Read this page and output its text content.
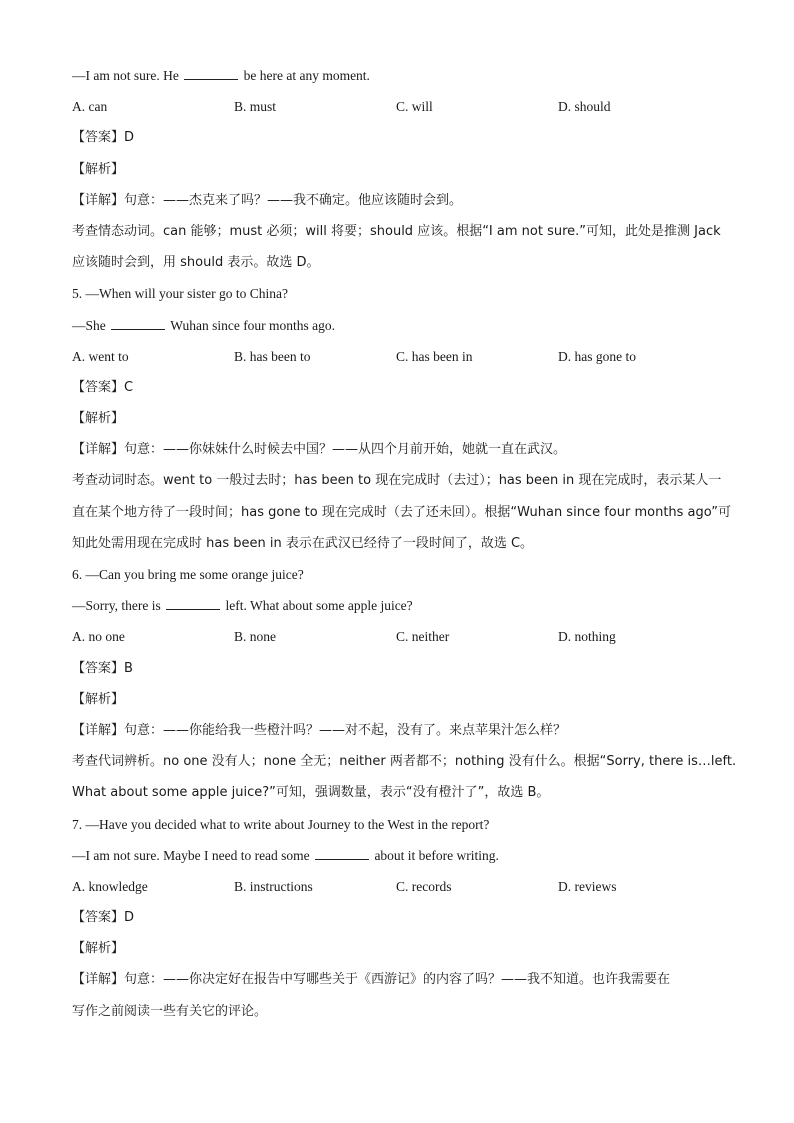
—I am not sure. He	be here at any moment.
A. can	B. must	C. will	D. should
【答案】D
【解析】
【详解】句意：——杰克来了吗？——我不确定。他应该随时会到。
考查情态动词。can 能够；must 必须；will 将要；should 应该。根据“I am not sure.”可知，此处是推测 Jack
应该随时会到，用 should 表示。故选 D。
5. —When will your sister go to China?
—She	Wuhan since four months ago.
A. went to	B. has been to	C. has been in	D. has gone to
【答案】C
【解析】
【详解】句意：——你妹妹什么时候去中国？——从四个月前开始，她就一直在武汉。
考查动词时态。went to 一般过去时；has been to 现在完成时（去过）；has been in 现在完成时，表示某人一
直在某个地方待了一段时间；has gone to 现在完成时（去了还未回）。根据“Wuhan since four months ago”可
知此处需用现在完成时 has been in 表示在武汉已经待了一段时间了，故选 C。
6. —Can you bring me some orange juice?
—Sorry, there is	left. What about some apple juice?
A. no one	B. none	C. neither	D. nothing
【答案】B
【解析】
【详解】句意：——你能给我一些橙汁吗？——对不起，没有了。来点苹果汁怎么样？
考查代词辨析。no one 没有人；none 全无；neither 两者都不；nothing 没有什么。根据“Sorry, there is…left.
What about some apple juice?”可知，强调数量，表示“没有橙汁了”，故选 B。
7. —Have you decided what to write about Journey to the West in the report?
—I am not sure. Maybe I need to read some	about it before writing.
A. knowledge	B. instructions	C. records	D. reviews
【答案】D
【解析】
【详解】句意：——你决定好在报告中写哪些关于《西游记》的内容了吗？——我不知道。也许我需要在
写作之前阅读一些有关它的评论。
